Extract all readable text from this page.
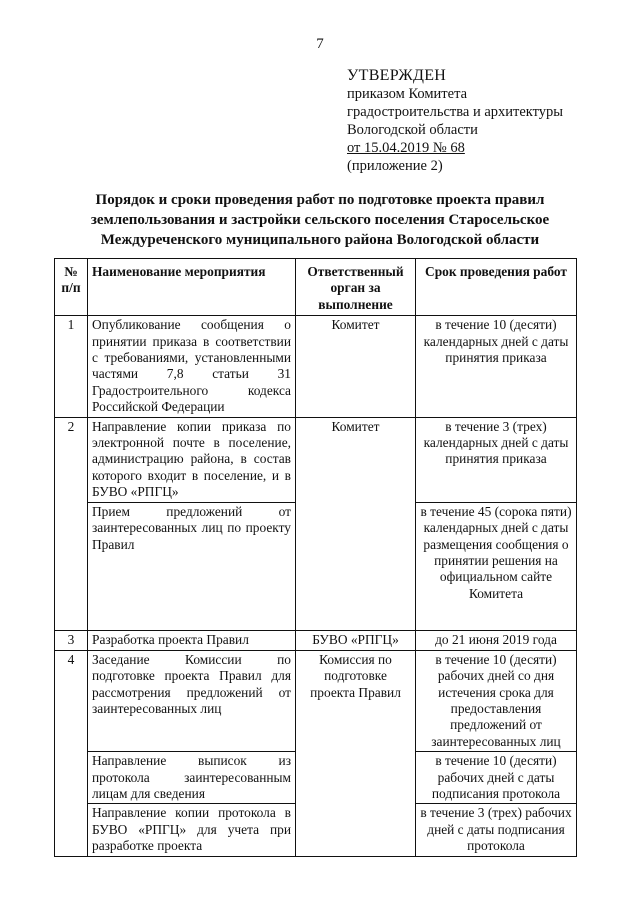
7
УТВЕРЖДЕН
приказом Комитета
градостроительства и архитектуры
Вологодской области
от 15.04.2019 № 68
(приложение 2)
Порядок и сроки проведения работ по подготовке проекта правил
землепользования и застройки сельского поселения Старосельское
Междуреченского муниципального района Вологодской области
№ п/п	Наименование мероприятия	Ответственный орган за выполнение	Срок проведения работ
1	Опубликование сообщения о принятии приказа в соответствии с требованиями, установленными частями 7,8 статьи 31 Градостроительного кодекса Российской Федерации	Комитет	в течение 10 (десяти) календарных дней с даты принятия приказа
2	Направление копии приказа по электронной почте в поселение, администрацию района, в состав которого входит в поселение, и в БУВО «РПГЦ»	Комитет	в течение 3 (трех) календарных дней с даты принятия приказа
	Прием предложений от заинтересованных лиц по проекту Правил		в течение 45 (сорока пяти) календарных дней с даты размещения сообщения о принятии решения на официальном сайте Комитета
3	Разработка проекта Правил	БУВО «РПГЦ»	до 21 июня 2019 года
4	Заседание Комиссии по подготовке проекта Правил для рассмотрения предложений от заинтересованных лиц	Комиссия по подготовке проекта Правил	в течение 10 (десяти) рабочих дней со дня истечения срока для предоставления предложений от заинтересованных лиц
	Направление выписок из протокола заинтересованным лицам для сведения		в течение 10 (десяти) рабочих дней с даты подписания протокола
	Направление копии протокола в БУВО «РПГЦ» для учета при разработке проекта		в течение 3 (трех) рабочих дней с даты подписания протокола
